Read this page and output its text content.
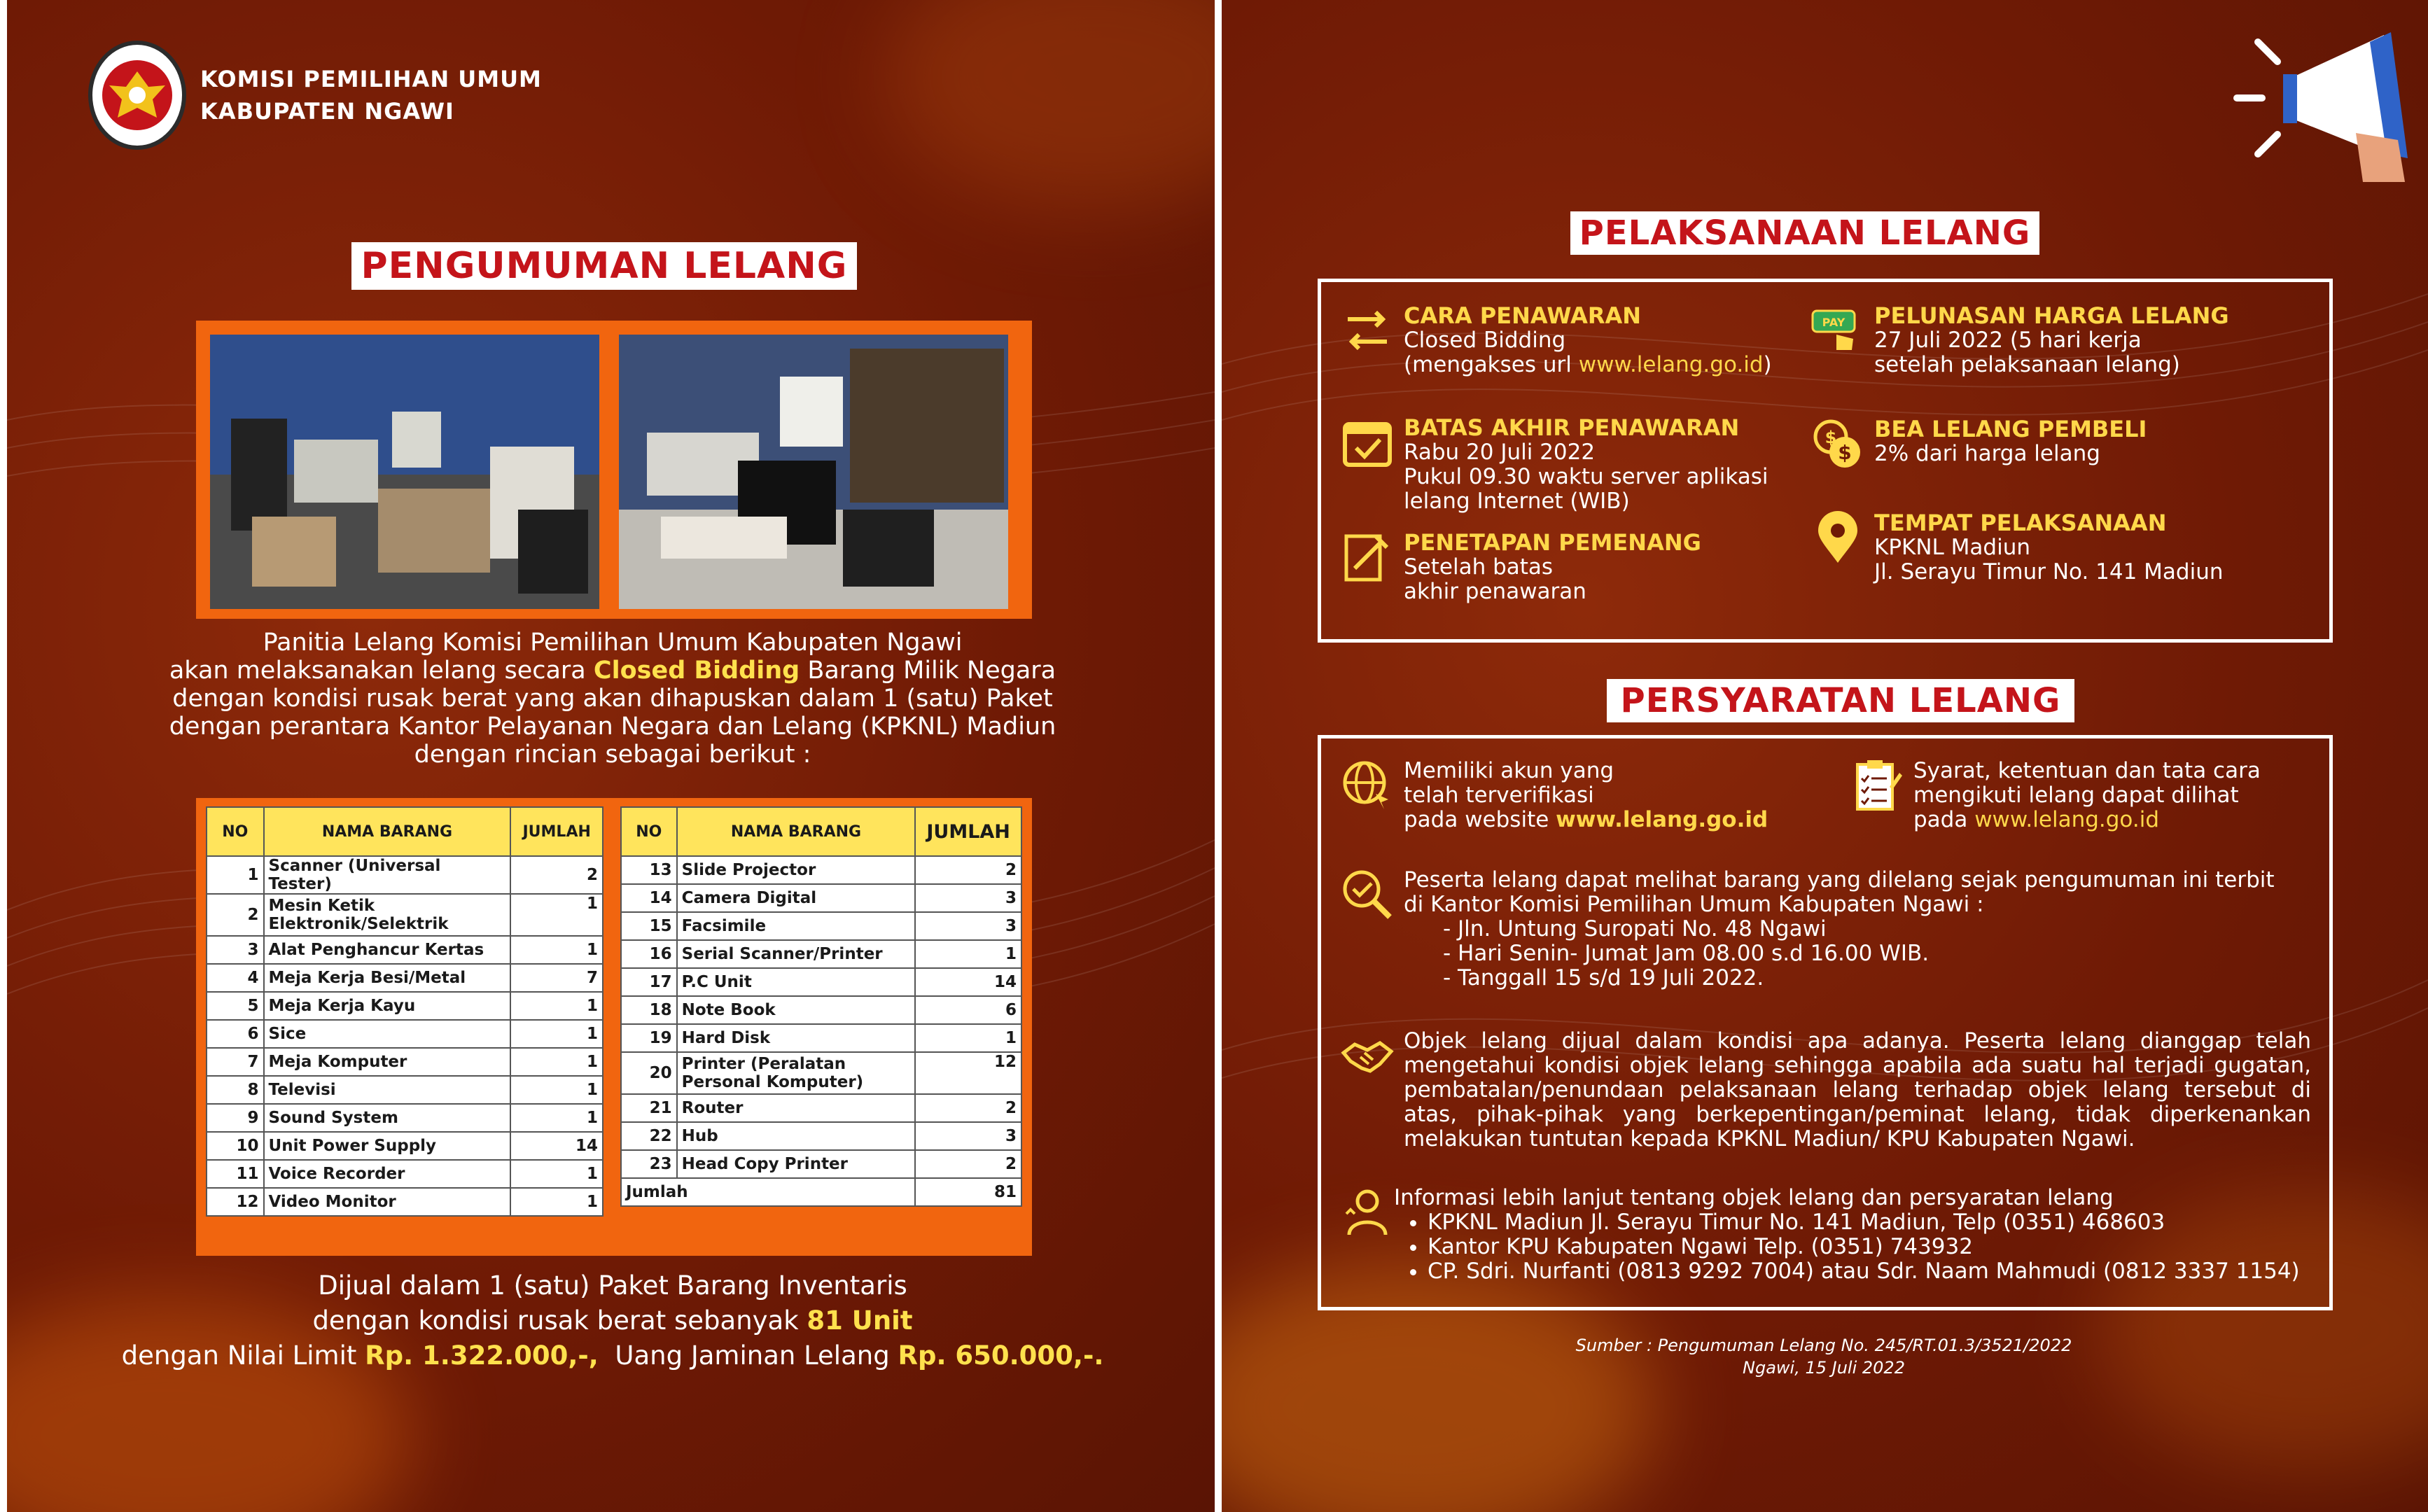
KOMISI PEMILIHAN UMUM
KABUPATEN NGAWI
PENGUMUMAN LELANG
Panitia Lelang Komisi Pemilihan Umum Kabupaten Ngawi
akan melaksanakan lelang secara Closed Bidding Barang Milik Negara
dengan kondisi rusak berat yang akan dihapuskan dalam 1 (satu) Paket
dengan perantara Kantor Pelayanan Negara dan Lelang (KPKNL) Madiun
dengan rincian sebagai berikut :
NO	NAMA BARANG	JUMLAH
1	Scanner (Universal Tester)	2
2	Mesin Ketik Elektronik/Selektrik	1
3	Alat Penghancur Kertas	1
4	Meja Kerja Besi/Metal	7
5	Meja Kerja Kayu	1
6	Sice	1
7	Meja Komputer	1
8	Televisi	1
9	Sound System	1
10	Unit Power Supply	14
11	Voice Recorder	1
12	Video Monitor	1
NO	NAMA BARANG	JUMLAH
13	Slide Projector	2
14	Camera Digital	3
15	Facsimile	3
16	Serial Scanner/Printer	1
17	P.C Unit	14
18	Note Book	6
19	Hard Disk	1
20	Printer (Peralatan Personal Komputer)	12
21	Router	2
22	Hub	3
23	Head Copy Printer	2
Jumlah		81
Dijual dalam 1 (satu) Paket Barang Inventaris
dengan kondisi rusak berat sebanyak 81 Unit
dengan Nilai Limit Rp. 1.322.000,-,  Uang Jaminan Lelang Rp. 650.000,-.
PELAKSANAAN LELANG
CARA PENAWARAN
Closed Bidding
(mengakses url www.lelang.go.id)
BATAS AKHIR PENAWARAN
Rabu 20 Juli 2022
Pukul 09.30 waktu server aplikasi
lelang Internet (WIB)
PENETAPAN PEMENANG
Setelah batas
akhir penawaran
PAY PELUNASAN HARGA LELANG
27 Juli 2022 (5 hari kerja
setelah pelaksanaan lelang)
$
$ BEA LELANG PEMBELI
2% dari harga lelang
TEMPAT PELAKSANAAN
KPKNL Madiun
Jl. Serayu Timur No. 141 Madiun
PERSYARATAN LELANG
Memiliki akun yang
telah terverifikasi
pada website www.lelang.go.id
Syarat, ketentuan dan tata cara
mengikuti lelang dapat dilihat
pada www.lelang.go.id
Peserta lelang dapat melihat barang yang dilelang sejak pengumuman ini terbit
di Kantor Komisi Pemilihan Umum Kabupaten Ngawi :
- Jln. Untung Suropati No. 48 Ngawi
- Hari Senin- Jumat Jam 08.00 s.d 16.00 WIB.
- Tanggall 15 s/d 19 Juli 2022.
Objek lelang dijual dalam kondisi apa adanya. Peserta lelang dianggap telah mengetahui kondisi objek lelang sehingga apabila ada suatu hal terjadi gugatan, pembatalan/penundaan pelaksanaan lelang terhadap objek lelang tersebut di atas, pihak-pihak yang berkepentingan/peminat lelang, tidak diperkenankan melakukan tuntutan kepada KPKNL Madiun/ KPU Kabupaten Ngawi.
Informasi lebih lanjut tentang objek lelang dan persyaratan lelang
• KPKNL Madiun Jl. Serayu Timur No. 141 Madiun, Telp (0351) 468603
• Kantor KPU Kabupaten Ngawi Telp. (0351) 743932
• CP. Sdri. Nurfanti (0813 9292 7004) atau Sdr. Naam Mahmudi (0812 3337 1154)
Sumber : Pengumuman Lelang No. 245/RT.01.3/3521/2022
Ngawi, 15 Juli 2022
